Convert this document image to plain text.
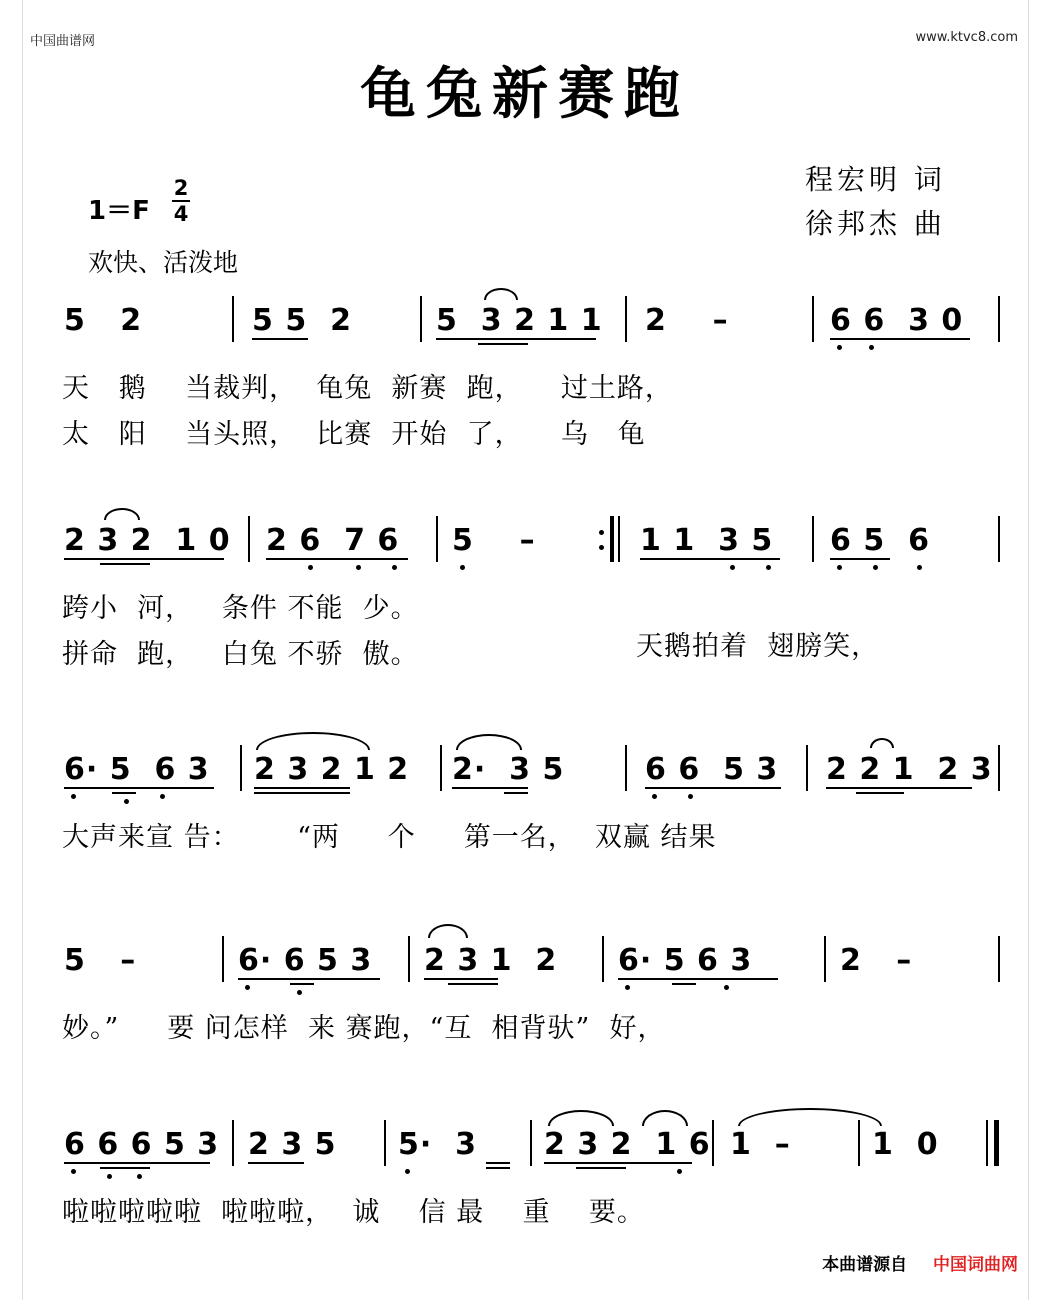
中国曲谱网	www.ktvc8.com
龟兔新赛跑
程宏明 词
徐邦杰 曲
1＝F
2
4
欢快、活泼地
5   2	5 5  2	5  3 2 1 1 2    –	6 6  3 0
天   鹅    当裁判，  龟兔  新赛  跑，    过土路，
太   阳    当头照，  比赛  开始  了，    乌   龟
2 3 2  1 0 2 6  7 6 5    –	1 1  3 5 6 5  6
跨小  河，   条件 不能  少。
拼命  跑，   白兔 不骄  傲。	天鹅拍着  翅膀笑，
6· 5  6 3 2 3 2 1 2 2·  3 5	6 6  5 3 2 2 1  2 3
大声来宣 告：      “两     个     第一名，  双赢 结果
5   –	6· 6 5 3 2 3 1  2 6· 5 6 3	2   –
妙。”     要 问怎样  来 赛跑，“互  相背驮”  好，
6 6 6 5 3 2 3 5 5·  3 2 3 2  1 6 1  –	1  0
啦啦啦啦啦  啦啦啦，  诚    信 最    重    要。
本曲谱源自 中国词曲网
